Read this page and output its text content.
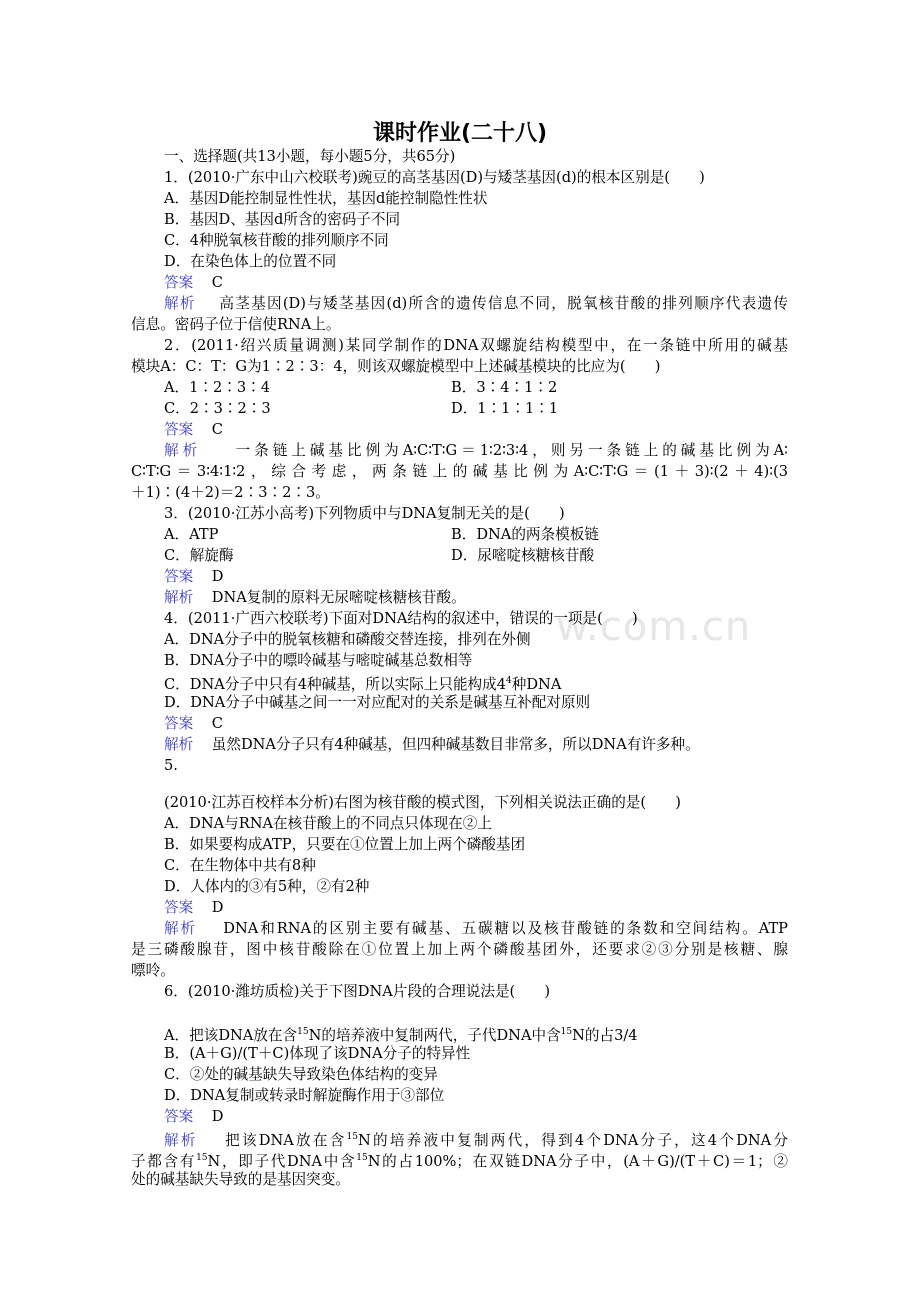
w.com.cn
课时作业(二十八)
一、选择题(共13小题，每小题5分，共65分)
1．(2010·广东中山六校联考)豌豆的高茎基因(D)与矮茎基因(d)的根本区别是(　　)
A．基因D能控制显性性状，基因d能控制隐性性状
B．基因D、基因d所含的密码子不同
C．4种脱氧核苷酸的排列顺序不同
D．在染色体上的位置不同
答案 C
解析 高茎基因(D)与矮茎基因(d)所含的遗传信息不同，脱氧核苷酸的排列顺序代表遗传
信息。密码子位于信使RNA上。
2．(2011·绍兴质量调测)某同学制作的DNA双螺旋结构模型中，在一条链中所用的碱基
模块A：C：T：G为1∶2∶3：4，则该双螺旋模型中上述碱基模块的比应为(　　)
A．1∶2∶3∶4	B．3∶4∶1∶2
C．2∶3∶2∶3	D．1∶1∶1∶1
答案 C
解析 一条链上碱基比例为A∶C∶T∶G＝1∶2∶3∶4，则另一条链上的碱基比例为A∶
C∶T∶G＝3∶4∶1∶2，综合考虑，两条链上的碱基比例为A∶C∶T∶G＝(1＋3)∶(2＋4)∶(3
＋1)∶(4＋2)＝2∶3∶2∶3。
3．(2010·江苏小高考)下列物质中与DNA复制无关的是(　　)
A．ATP	B．DNA的两条模板链
C．解旋酶	D．尿嘧啶核糖核苷酸
答案 D
解析 DNA复制的原料无尿嘧啶核糖核苷酸。
4．(2011·广西六校联考)下面对DNA结构的叙述中，错误的一项是(　　)
A．DNA分子中的脱氧核糖和磷酸交替连接，排列在外侧
B．DNA分子中的嘌呤碱基与嘧啶碱基总数相等
C．DNA分子中只有4种碱基，所以实际上只能构成$4^4$种DNA
D．DNA分子中碱基之间一一对应配对的关系是碱基互补配对原则
答案 C
解析 虽然DNA分子只有4种碱基，但四种碱基数目非常多，所以DNA有许多种。
5.
(2010·江苏百校样本分析)右图为核苷酸的模式图，下列相关说法正确的是(　　)
A．DNA与RNA在核苷酸上的不同点只体现在②上
B．如果要构成ATP，只要在①位置上加上两个磷酸基团
C．在生物体中共有8种
D．人体内的③有5种，②有2种
答案 D
解析 DNA和RNA的区别主要有碱基、五碳糖以及核苷酸链的条数和空间结构。ATP
是三磷酸腺苷，图中核苷酸除在①位置上加上两个磷酸基团外，还要求②③分别是核糖、腺
嘌呤。
6．(2010·潍坊质检)关于下图DNA片段的合理说法是(　　)
A．把该DNA放在含$^{15}$N的培养液中复制两代，子代DNA中含$^{15}$N的占3/4
B．(A＋G)/(T＋C)体现了该DNA分子的特异性
C．②处的碱基缺失导致染色体结构的变异
D．DNA复制或转录时解旋酶作用于③部位
答案 D
解析 把该DNA放在含$^{15}$N的培养液中复制两代，得到4个DNA分子，这4个DNA分
子都含有$^{15}$N，即子代DNA中含$^{15}$N的占100%；在双链DNA分子中，(A＋G)/(T＋C)＝1；②
处的碱基缺失导致的是基因突变。
